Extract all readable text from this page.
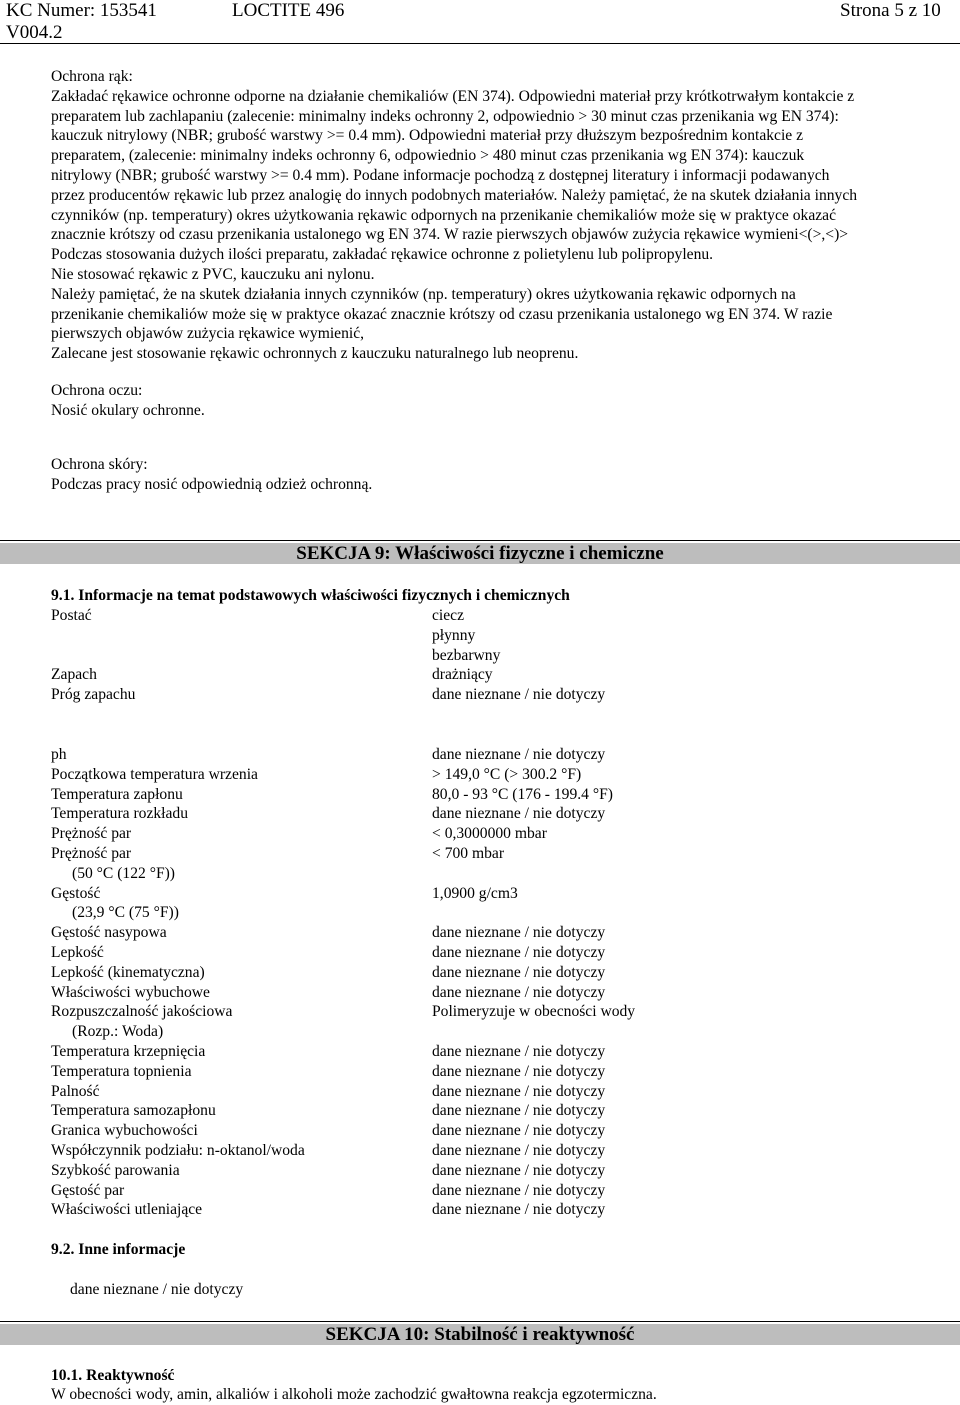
KC Numer: 153541	LOCTITE 496	Strona 5 z 10
V004.2

Ochrona rąk:

Zakładać rękawice ochronne odporne na działanie chemikaliów (EN 374). Odpowiedni materiał przy krótkotrwałym kontakcie z

preparatem lub zachlapaniu (zalecenie: minimalny indeks ochronny 2, odpowiednio > 30 minut czas przenikania wg EN 374):

kauczuk nitrylowy (NBR; grubość warstwy >= 0.4 mm). Odpowiedni materiał przy dłuższym bezpośrednim kontakcie z

preparatem, (zalecenie: minimalny indeks ochronny 6, odpowiednio > 480 minut czas przenikania wg EN 374): kauczuk

nitrylowy (NBR; grubość warstwy >= 0.4 mm). Podane informacje pochodzą z dostępnej literatury i informacji podawanych

przez producentów rękawic lub przez analogię do innych podobnych materiałów. Należy pamiętać, że na skutek działania innych

czynników (np. temperatury) okres użytkowania rękawic odpornych na przenikanie chemikaliów może się w praktyce okazać

znacznie krótszy od czasu przenikania ustalonego wg EN 374. W razie pierwszych objawów zużycia rękawice wymieni<(>,<)>

Podczas stosowania dużych ilości preparatu, zakładać rękawice ochronne z polietylenu lub polipropylenu.

Nie stosować rękawic z PVC, kauczuku ani nylonu.

Należy pamiętać, że na skutek działania innych czynników (np. temperatury) okres użytkowania rękawic odpornych na

przenikanie chemikaliów może się w praktyce okazać znacznie krótszy od czasu przenikania ustalonego wg EN 374. W razie

pierwszych objawów zużycia rękawice wymienić,

Zalecane jest stosowanie rękawic ochronnych z kauczuku naturalnego lub neoprenu.

Ochrona oczu:

Nosić okulary ochronne.

Ochrona skóry:

Podczas pracy nosić odpowiednią odzież ochronną.

SEKCJA 9: Właściwości fizyczne i chemiczne
9.1. Informacje na temat podstawowych właściwości fizycznych i chemicznych
Postać	ciecz
płynny
bezbarwny
Zapach	drażniący
Próg zapachu	dane nieznane / nie dotyczy
ph	dane nieznane / nie dotyczy
Początkowa temperatura wrzenia	> 149,0 °C (> 300.2 °F)
Temperatura zapłonu	80,0 - 93 °C (176 - 199.4 °F)
Temperatura rozkładu	dane nieznane / nie dotyczy
Prężność par	< 0,3000000 mbar
Prężność par	< 700 mbar
(50 °C (122 °F))
Gęstość	1,0900 g/cm3
(23,9 °C (75 °F))
Gęstość nasypowa	dane nieznane / nie dotyczy
Lepkość	dane nieznane / nie dotyczy
Lepkość (kinematyczna)	dane nieznane / nie dotyczy
Właściwości wybuchowe	dane nieznane / nie dotyczy
Rozpuszczalność jakościowa	Polimeryzuje w obecności wody
(Rozp.: Woda)
Temperatura krzepnięcia	dane nieznane / nie dotyczy
Temperatura topnienia	dane nieznane / nie dotyczy
Palność	dane nieznane / nie dotyczy
Temperatura samozapłonu	dane nieznane / nie dotyczy
Granica wybuchowości	dane nieznane / nie dotyczy
Współczynnik podziału: n-oktanol/woda	dane nieznane / nie dotyczy
Szybkość parowania	dane nieznane / nie dotyczy
Gęstość par	dane nieznane / nie dotyczy
Właściwości utleniające	dane nieznane / nie dotyczy
9.2. Inne informacje
dane nieznane / nie dotyczy
SEKCJA 10: Stabilność i reaktywność
10.1. Reaktywność
W obecności wody, amin, alkaliów i alkoholi może zachodzić gwałtowna reakcja egzotermiczna.
